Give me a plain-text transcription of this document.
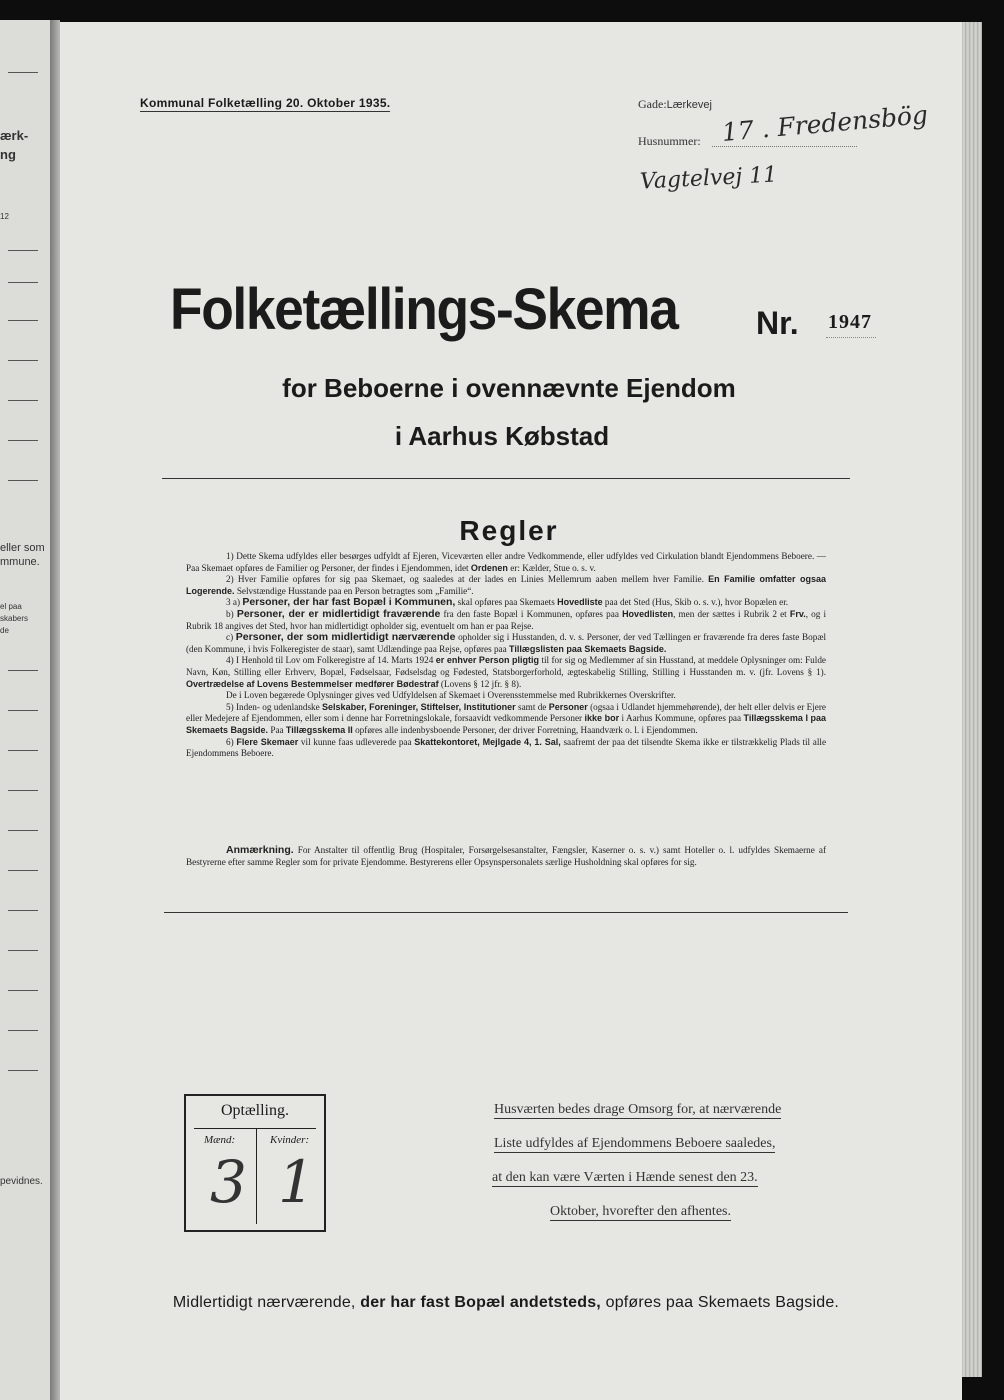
ærk-
ng
12
eller som
mmune.
el paa
skabers
de
pevidnes.
Kommunal Folketælling 20. Oktober 1935.	Gade:Lærkevej
Husnummer: 17 . Fredensbög
Vagtelvej 11
Folketællings-Skema Nr. 1947
for Beboerne i ovennævnte Ejendom
i Aarhus Købstad
Regler

1) Dette Skema udfyldes eller besørges udfyldt af Ejeren, Viceværten eller andre Vedkommende, eller udfyldes ved Cirkulation blandt Ejendommens Beboere. — Paa Skemaet opføres de Familier og Personer, der findes i Ejendommen, idet Ordenen er: Kælder, Stue o. s. v.

2) Hver Familie opføres for sig paa Skemaet, og saaledes at der lades en Linies Mellemrum aaben mellem hver Familie. En Familie omfatter ogsaa Logerende. Selvstændige Husstande paa en Person betragtes som „Familie“.

3 a) Personer, der har fast Bopæl i Kommunen, skal opføres paa Skemaets Hovedliste paa det Sted (Hus, Skib o. s. v.), hvor Bopælen er.

b) Personer, der er midlertidigt fraværende fra den faste Bopæl i Kommunen, opføres paa Hovedlisten, men der sættes i Rubrik 2 et Frv., og i Rubrik 18 angives det Sted, hvor han midlertidigt opholder sig, eventuelt om han er paa Rejse.

c) Personer, der som midlertidigt nærværende opholder sig i Husstanden, d. v. s. Personer, der ved Tællingen er fraværende fra deres faste Bopæl (den Kommune, i hvis Folkeregister de staar), samt Udlændinge paa Rejse, opføres paa Tillægslisten paa Skemaets Bagside.

4) I Henhold til Lov om Folkeregistre af 14. Marts 1924 er enhver Person pligtig til for sig og Medlemmer af sin Husstand, at meddele Oplysninger om: Fulde Navn, Køn, Stilling eller Erhverv, Bopæl, Fødselsaar, Fødselsdag og Fødested, Statsborgerforhold, ægteskabelig Stilling, Stilling i Husstanden m. v. (jfr. Lovens § 1). Overtrædelse af Lovens Bestemmelser medfører Bødestraf (Lovens § 12 jfr. § 8).

De i Loven begærede Oplysninger gives ved Udfyldelsen af Skemaet i Overensstemmelse med Rubrikkernes Overskrifter.

5) Inden- og udenlandske Selskaber, Foreninger, Stiftelser, Institutioner samt de Personer (ogsaa i Udlandet hjemmehørende), der helt eller delvis er Ejere eller Medejere af Ejendommen, eller som i denne har Forretningslokale, forsaavidt vedkommende Personer ikke bor i Aarhus Kommune, opføres paa Tillægsskema I paa Skemaets Bagside. Paa Tillægsskema II opføres alle indenbysboende Personer, der driver Forretning, Haandværk o. l. i Ejendommen.

6) Flere Skemaer vil kunne faas udleverede paa Skattekontoret, Mejlgade 4, 1. Sal, saafremt der paa det tilsendte Skema ikke er tilstrækkelig Plads til alle Ejendommens Beboere.

Anmærkning. For Anstalter til offentlig Brug (Hospitaler, Forsørgelsesanstalter, Fængsler, Kaserner o. s. v.) samt Hoteller o. l. udfyldes Skemaerne af Bestyrerne efter samme Regler som for private Ejendomme. Bestyrerens eller Opsynspersonalets særlige Husholdning skal opføres for sig.

Optælling.
Mænd:	Kvinder:
3 1
Husværten bedes drage Omsorg for, at nærværende
Liste udfyldes af Ejendommens Beboere saaledes,
at den kan være Værten i Hænde senest den 23.
Oktober, hvorefter den afhentes.
Midlertidigt nærværende, der har fast Bopæl andetsteds, opføres paa Skemaets Bagside.
